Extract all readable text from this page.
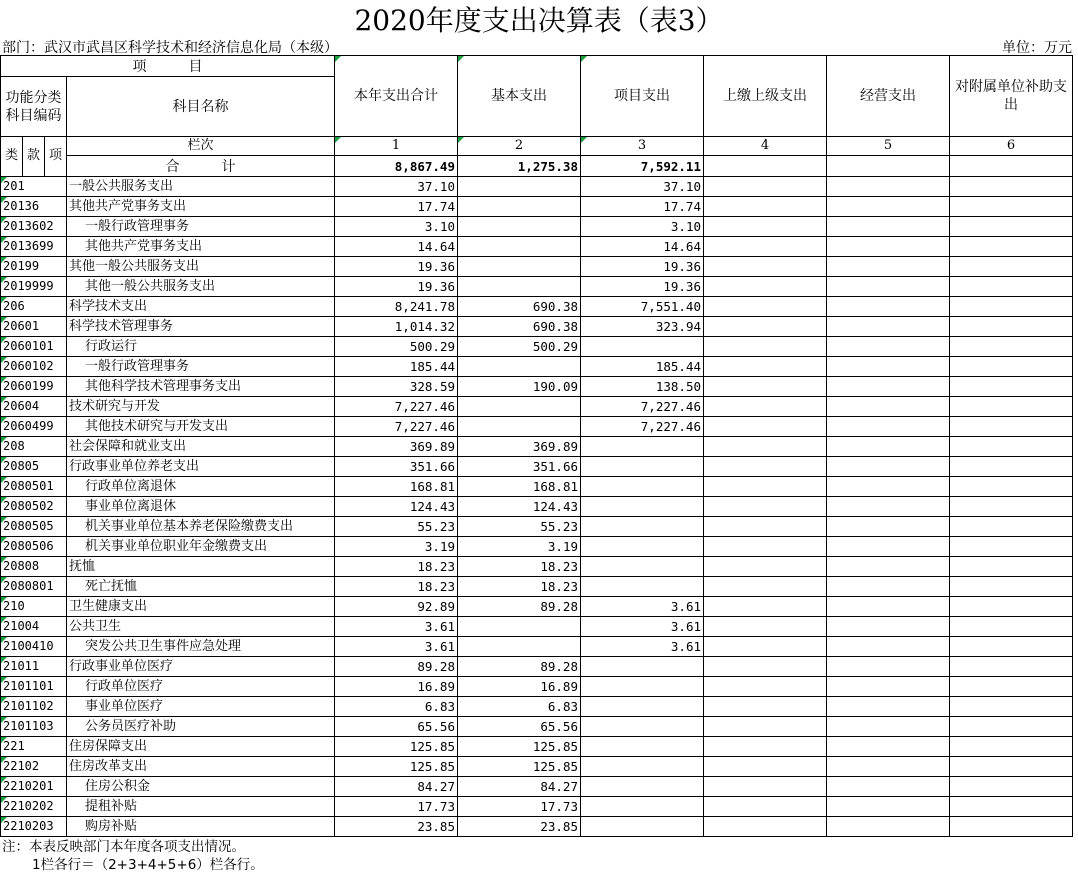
2020年度支出决算表（表3）
部门：武汉市武昌区科学技术和经济信息化局（本级）	单位：万元
项　　　目		本年支出合计	基本支出	项目支出	上缴上级支出	经营支出	对附属单位补助支出
功能分类科目编码	科目名称						

类 款 项	栏次	1	2	3	4	5	6
	合　　　计	8,867.49	1,275.38	7,592.11			
201	一般公共服务支出	37.10		37.10			
20136	其他共产党事务支出	17.74		17.74			
2013602	一般行政管理事务	3.10		3.10			
2013699	其他共产党事务支出	14.64		14.64			
20199	其他一般公共服务支出	19.36		19.36			
2019999	其他一般公共服务支出	19.36		19.36			
206	科学技术支出	8,241.78	690.38	7,551.40			
20601	科学技术管理事务	1,014.32	690.38	323.94			
2060101	行政运行	500.29	500.29				
2060102	一般行政管理事务	185.44		185.44			
2060199	其他科学技术管理事务支出	328.59	190.09	138.50			
20604	技术研究与开发	7,227.46		7,227.46			
2060499	其他技术研究与开发支出	7,227.46		7,227.46			
208	社会保障和就业支出	369.89	369.89				
20805	行政事业单位养老支出	351.66	351.66				
2080501	行政单位离退休	168.81	168.81				
2080502	事业单位离退休	124.43	124.43				
2080505	机关事业单位基本养老保险缴费支出	55.23	55.23				
2080506	机关事业单位职业年金缴费支出	3.19	3.19				
20808	抚恤	18.23	18.23				
2080801	死亡抚恤	18.23	18.23				
210	卫生健康支出	92.89	89.28	3.61			
21004	公共卫生	3.61		3.61			
2100410	突发公共卫生事件应急处理	3.61		3.61			
21011	行政事业单位医疗	89.28	89.28				
2101101	行政单位医疗	16.89	16.89				
2101102	事业单位医疗	6.83	6.83				
2101103	公务员医疗补助	65.56	65.56				
221	住房保障支出	125.85	125.85				
22102	住房改革支出	125.85	125.85				
2210201	住房公积金	84.27	84.27				
2210202	提租补贴	17.73	17.73				
2210203	购房补贴	23.85	23.85				
注：本表反映部门本年度各项支出情况。
1栏各行＝（2+3+4+5+6）栏各行。
